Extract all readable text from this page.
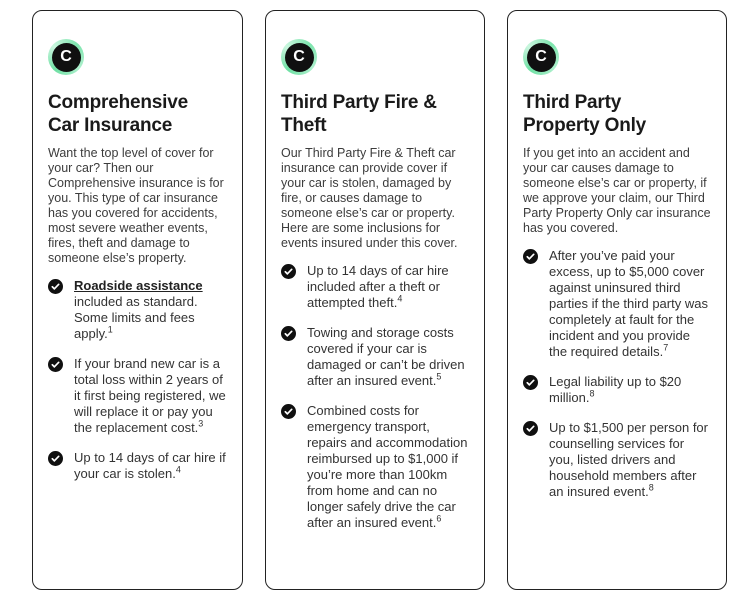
C
Comprehensive
Car Insurance

Want the top level of cover for your car? Then our Comprehensive insurance is for you. This type of car insurance has you covered for accidents, most severe weather events, fires, theft and damage to someone else’s property.

Roadside assistance included as standard. Some limits and fees apply.$^1$
If your brand new car is a total loss within 2 years of it first being registered, we will replace it or pay you the replacement cost.$^3$
Up to 14 days of car hire if your car is stolen.$^4$
C
Third Party Fire &
Theft

Our Third Party Fire & Theft car insurance can provide cover if your car is stolen, damaged by fire, or causes damage to someone else’s car or property. Here are some inclusions for events insured under this cover.

Up to 14 days of car hire included after a theft or attempted theft.$^4$
Towing and storage costs covered if your car is damaged or can’t be driven after an insured event.$^5$
Combined costs for emergency transport, repairs and accommodation reimbursed up to $1,000 if you’re more than 100km from home and can no longer safely drive the car after an insured event.$^6$
C
Third Party
Property Only

If you get into an accident and your car causes damage to someone else’s car or property, if we approve your claim, our Third Party Property Only car insurance has you covered.

After you’ve paid your excess, up to $5,000 cover against uninsured third parties if the third party was completely at fault for the incident and you provide the required details.$^7$
Legal liability up to $20 million.$^8$
Up to $1,500 per person for counselling services for you, listed drivers and household members after an insured event.$^8$
